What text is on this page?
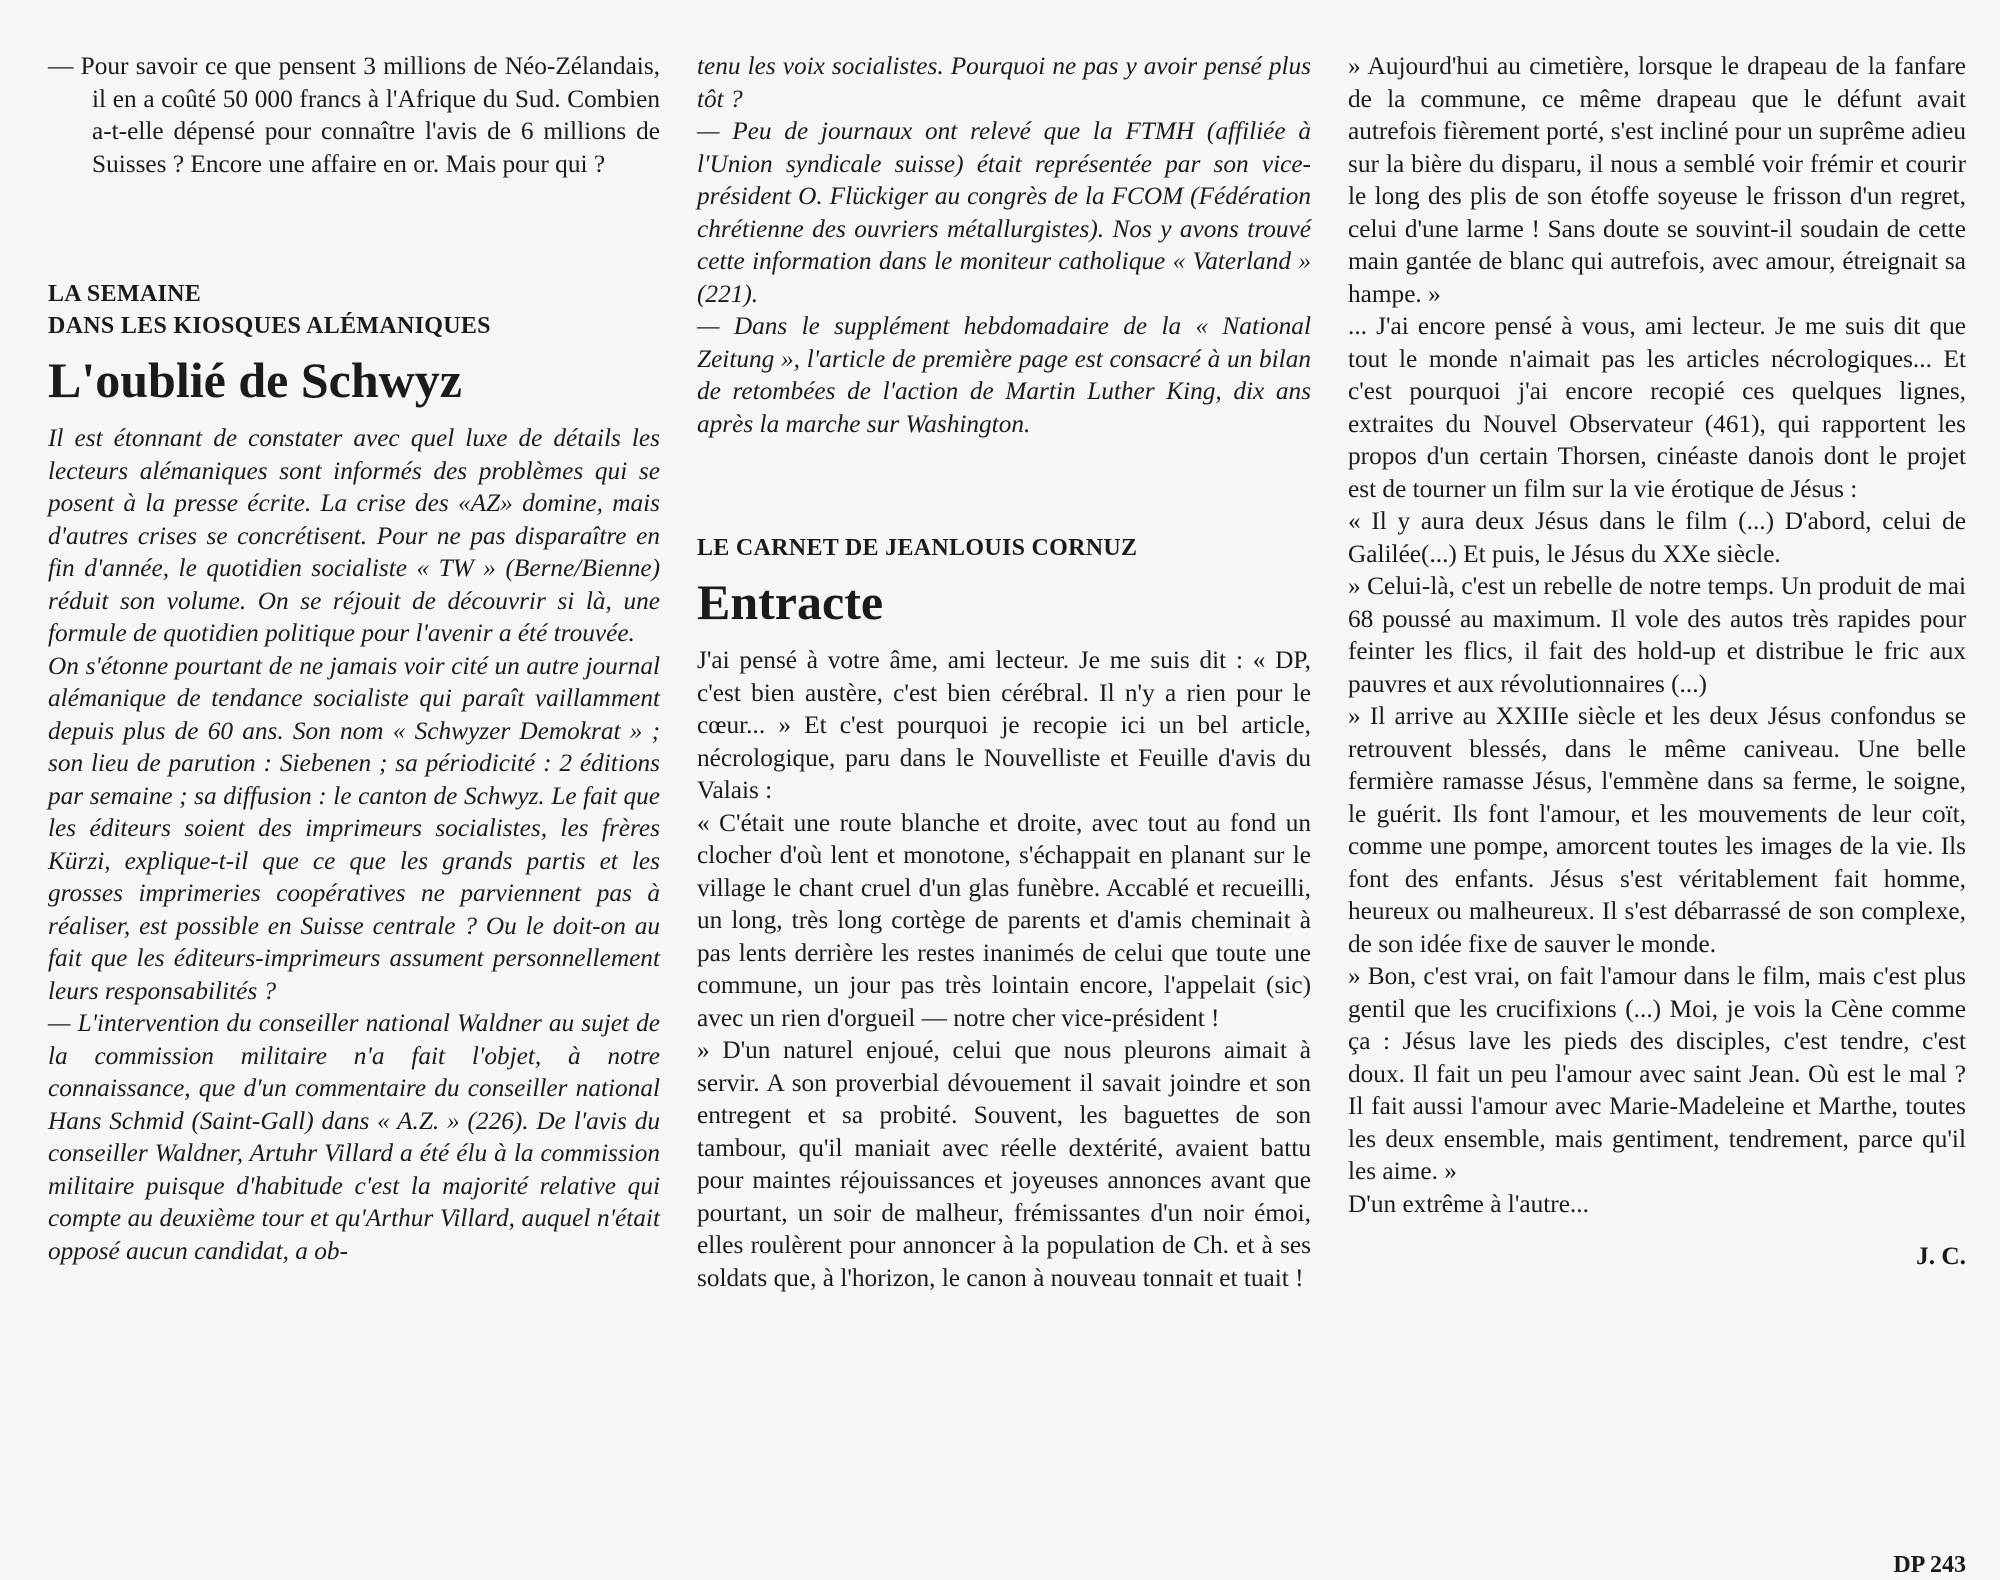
— Pour savoir ce que pensent 3 millions de Néo-Zélandais, il en a coûté 50 000 francs à l'Afrique du Sud. Combien a-t-elle dépensé pour connaître l'avis de 6 millions de Suisses ? Encore une affaire en or. Mais pour qui ?

LA SEMAINE
DANS LES KIOSQUES ALÉMANIQUES
L'oublié de Schwyz

Il est étonnant de constater avec quel luxe de détails les lecteurs alémaniques sont informés des problèmes qui se posent à la presse écrite. La crise des «AZ» domine, mais d'autres crises se concrétisent. Pour ne pas disparaître en fin d'année, le quotidien socialiste « TW » (Berne/Bienne) réduit son volume. On se réjouit de découvrir si là, une formule de quotidien politique pour l'avenir a été trouvée.

On s'étonne pourtant de ne jamais voir cité un autre journal alémanique de tendance socialiste qui paraît vaillamment depuis plus de 60 ans. Son nom « Schwyzer Demokrat » ; son lieu de parution : Siebenen ; sa périodicité : 2 éditions par semaine ; sa diffusion : le canton de Schwyz. Le fait que les éditeurs soient des imprimeurs socialistes, les frères Kürzi, explique-t-il que ce que les grands partis et les grosses imprimeries coopératives ne parviennent pas à réaliser, est possible en Suisse centrale ? Ou le doit-on au fait que les éditeurs-imprimeurs assument personnellement leurs responsabilités ?

— L'intervention du conseiller national Waldner au sujet de la commission militaire n'a fait l'objet, à notre connaissance, que d'un commentaire du conseiller national Hans Schmid (Saint-Gall) dans « A.Z. » (226). De l'avis du conseiller Waldner, Artuhr Villard a été élu à la commission militaire puisque d'habitude c'est la majorité relative qui compte au deuxième tour et qu'Arthur Villard, auquel n'était opposé aucun candidat, a ob-

tenu les voix socialistes. Pourquoi ne pas y avoir pensé plus tôt ?

— Peu de journaux ont relevé que la FTMH (affiliée à l'Union syndicale suisse) était représentée par son vice-président O. Flückiger au congrès de la FCOM (Fédération chrétienne des ouvriers métallurgistes). Nos y avons trouvé cette information dans le moniteur catholique « Vaterland » (221).

— Dans le supplément hebdomadaire de la « National Zeitung », l'article de première page est consacré à un bilan de retombées de l'action de Martin Luther King, dix ans après la marche sur Washington.

LE CARNET DE JEANLOUIS CORNUZ
Entracte

J'ai pensé à votre âme, ami lecteur. Je me suis dit : « DP, c'est bien austère, c'est bien cérébral. Il n'y a rien pour le cœur... » Et c'est pourquoi je recopie ici un bel article, nécrologique, paru dans le Nouvelliste et Feuille d'avis du Valais :

« C'était une route blanche et droite, avec tout au fond un clocher d'où lent et monotone, s'échappait en planant sur le village le chant cruel d'un glas funèbre. Accablé et recueilli, un long, très long cortège de parents et d'amis cheminait à pas lents derrière les restes inanimés de celui que toute une commune, un jour pas très lointain encore, l'appelait (sic) avec un rien d'orgueil — notre cher vice-président !

» D'un naturel enjoué, celui que nous pleurons aimait à servir. A son proverbial dévouement il savait joindre et son entregent et sa probité. Souvent, les baguettes de son tambour, qu'il maniait avec réelle dextérité, avaient battu pour maintes réjouissances et joyeuses annonces avant que pourtant, un soir de malheur, frémissantes d'un noir émoi, elles roulèrent pour annoncer à la population de Ch. et à ses soldats que, à l'horizon, le canon à nouveau tonnait et tuait !

» Aujourd'hui au cimetière, lorsque le drapeau de la fanfare de la commune, ce même drapeau que le défunt avait autrefois fièrement porté, s'est incliné pour un suprême adieu sur la bière du disparu, il nous a semblé voir frémir et courir le long des plis de son étoffe soyeuse le frisson d'un regret, celui d'une larme ! Sans doute se souvint-il soudain de cette main gantée de blanc qui autrefois, avec amour, étreignait sa hampe. »

... J'ai encore pensé à vous, ami lecteur. Je me suis dit que tout le monde n'aimait pas les articles nécrologiques... Et c'est pourquoi j'ai encore recopié ces quelques lignes, extraites du Nouvel Observateur (461), qui rapportent les propos d'un certain Thorsen, cinéaste danois dont le projet est de tourner un film sur la vie érotique de Jésus :

« Il y aura deux Jésus dans le film (...) D'abord, celui de Galilée(...) Et puis, le Jésus du XXe siècle.

» Celui-là, c'est un rebelle de notre temps. Un produit de mai 68 poussé au maximum. Il vole des autos très rapides pour feinter les flics, il fait des hold-up et distribue le fric aux pauvres et aux révolutionnaires (...)

» Il arrive au XXIIIe siècle et les deux Jésus confondus se retrouvent blessés, dans le même caniveau. Une belle fermière ramasse Jésus, l'emmène dans sa ferme, le soigne, le guérit. Ils font l'amour, et les mouvements de leur coït, comme une pompe, amorcent toutes les images de la vie. Ils font des enfants. Jésus s'est véritablement fait homme, heureux ou malheureux. Il s'est débarrassé de son complexe, de son idée fixe de sauver le monde.

» Bon, c'est vrai, on fait l'amour dans le film, mais c'est plus gentil que les crucifixions (...) Moi, je vois la Cène comme ça : Jésus lave les pieds des disciples, c'est tendre, c'est doux. Il fait un peu l'amour avec saint Jean. Où est le mal ? Il fait aussi l'amour avec Marie-Madeleine et Marthe, toutes les deux ensemble, mais gentiment, tendrement, parce qu'il les aime. »

D'un extrême à l'autre...

J. C.

DP 243
